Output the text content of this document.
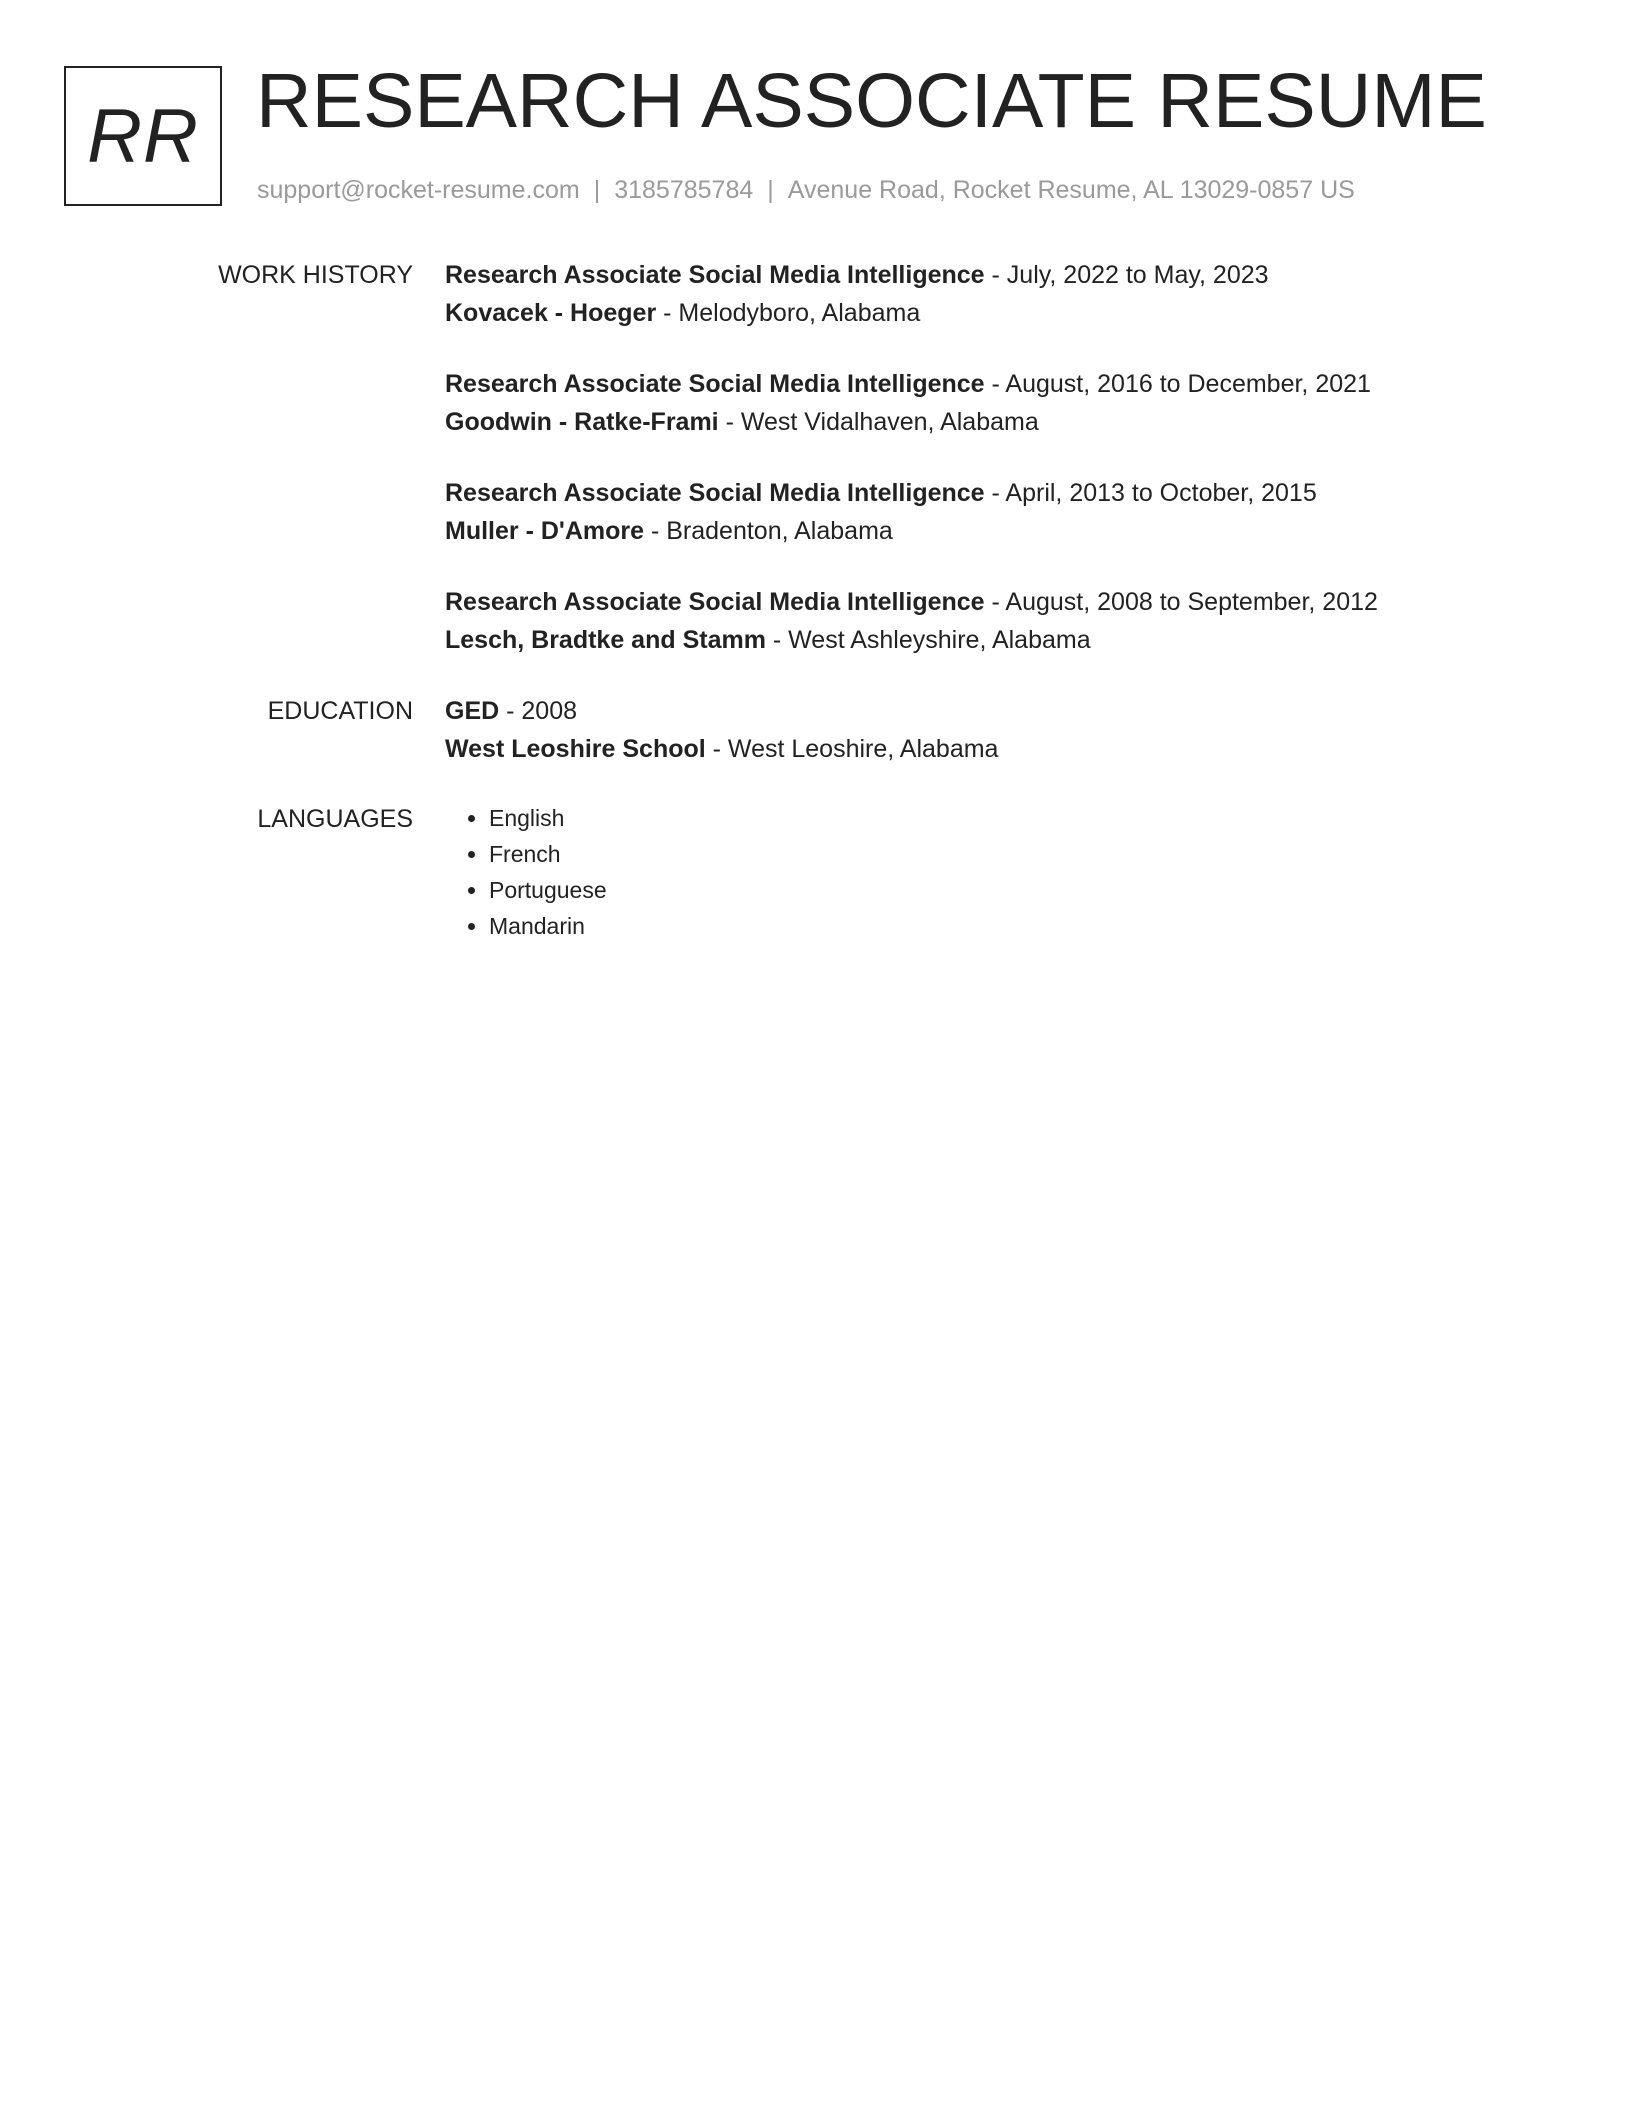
RR RESEARCH ASSOCIATE RESUME
support@rocket-resume.com | 3185785784 | Avenue Road, Rocket Resume, AL 13029-0857 US
WORK HISTORY Research Associate Social Media Intelligence - July, 2022 to May, 2023
Kovacek - Hoeger - Melodyboro, Alabama
Research Associate Social Media Intelligence - August, 2016 to December, 2021
Goodwin - Ratke-Frami - West Vidalhaven, Alabama
Research Associate Social Media Intelligence - April, 2013 to October, 2015
Muller - D'Amore - Bradenton, Alabama
Research Associate Social Media Intelligence - August, 2008 to September, 2012
Lesch, Bradtke and Stamm - West Ashleyshire, Alabama
EDUCATION GED - 2008
West Leoshire School - West Leoshire, Alabama
LANGUAGES
•	English
• French
• Portuguese
• Mandarin
